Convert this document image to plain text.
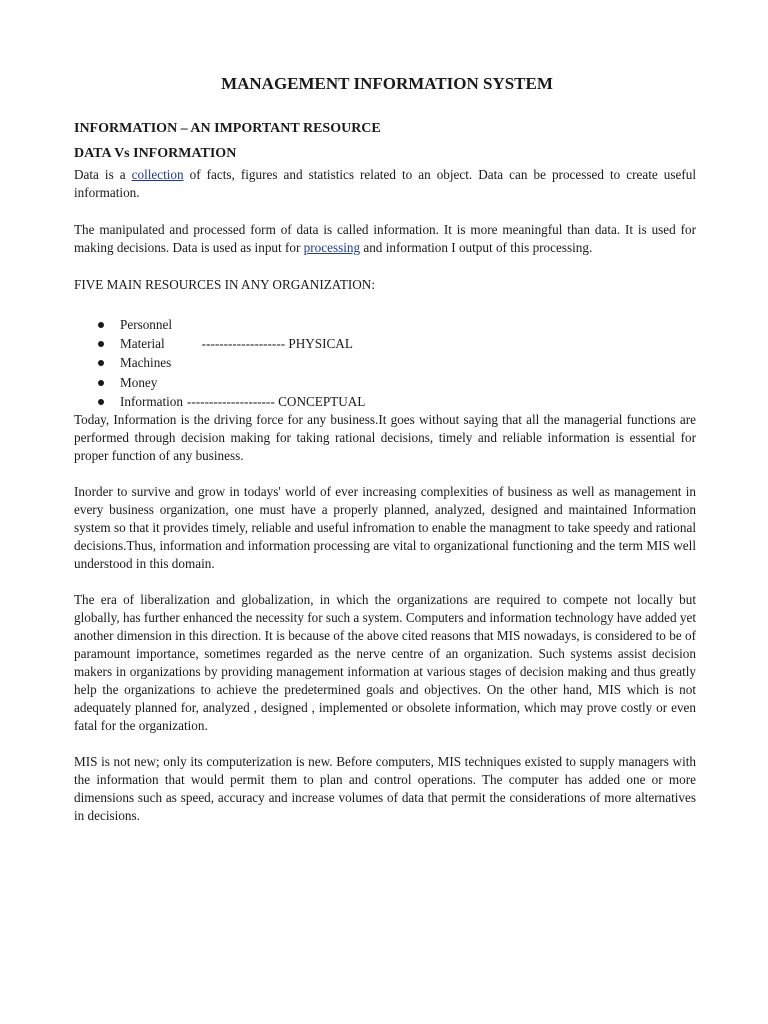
MANAGEMENT INFORMATION SYSTEM
INFORMATION – AN IMPORTANT RESOURCE
DATA Vs INFORMATION

Data is a collection of facts, figures and statistics related to an object. Data can be processed to create useful information.

The manipulated and processed form of data is called information. It is more meaningful than data. It is used for making decisions. Data is used as input for processing and information I output of this processing.

FIVE MAIN RESOURCES IN ANY ORGANIZATION:

Personnel
Material	------------------- PHYSICAL
Machines
Money
Information -------------------- CONCEPTUAL

Today, Information is the driving force for any business.It goes without saying that all the managerial functions are performed through decision making for taking rational decisions, timely and reliable information is essential for proper function of any business.

Inorder to survive and grow in todays' world of ever increasing complexities of business as well as management in every business organization, one must have a properly planned, analyzed, designed and maintained Information system so that it provides timely, reliable and useful infromation to enable the managment to take speedy and rational decisions.Thus, information and information processing are vital to organizational functioning and the term MIS well understood in this domain.

The era of liberalization and globalization, in which the organizations are required to compete not locally but globally, has further enhanced the necessity for such a system. Computers and information technology have added yet another dimension in this direction. It is because of the above cited reasons that MIS nowadays, is considered to be of paramount importance, sometimes regarded as the nerve centre of an organization. Such systems assist decision makers in organizations by providing management information at various stages of decision making and thus greatly help the organizations to achieve the predetermined goals and objectives. On the other hand, MIS which is not adequately planned for, analyzed , designed , implemented or obsolete information, which may prove costly or even fatal for the organization.

MIS is not new; only its computerization is new. Before computers, MIS techniques existed to supply managers with the information that would permit them to plan and control operations. The computer has added one or more dimensions such as speed, accuracy and increase volumes of data that permit the considerations of more alternatives in decisions.
